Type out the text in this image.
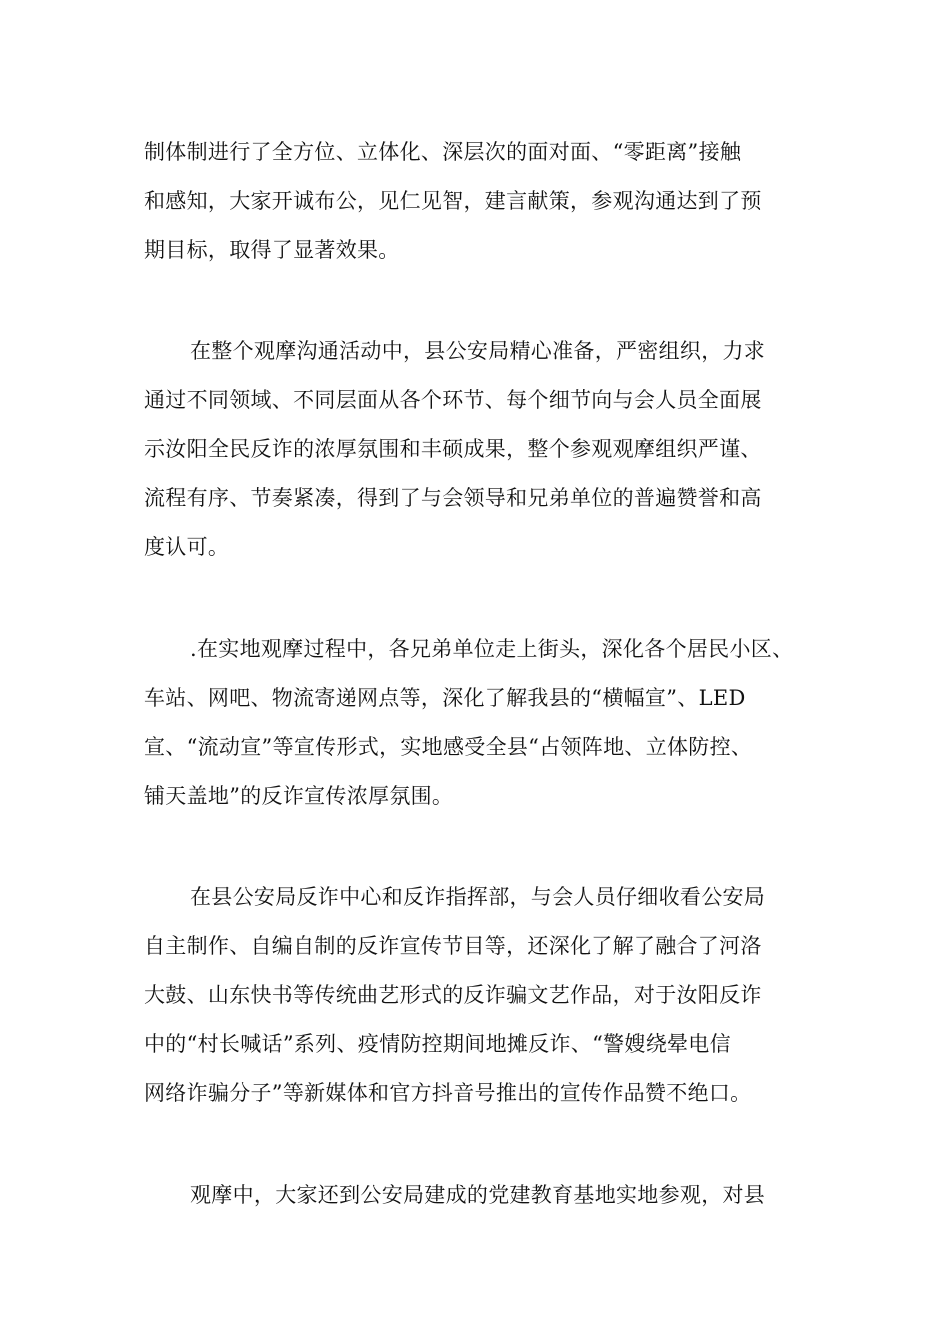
制体制进行了全方位、立体化、深层次的面对面、“零距离”接触
和感知，大家开诚布公，见仁见智，建言献策，参观沟通达到了预
期目标，取得了显著效果。
在整个观摩沟通活动中，县公安局精心准备，严密组织，力求
通过不同领域、不同层面从各个环节、每个细节向与会人员全面展
示汝阳全民反诈的浓厚氛围和丰硕成果，整个参观观摩组织严谨、
流程有序、节奏紧凑，得到了与会领导和兄弟单位的普遍赞誉和高
度认可。
.在实地观摩过程中，各兄弟单位走上街头，深化各个居民小区、
车站、网吧、物流寄递网点等，深化了解我县的“横幅宣”、LED
宣、“流动宣”等宣传形式，实地感受全县“占领阵地、立体防控、
铺天盖地”的反诈宣传浓厚氛围。
在县公安局反诈中心和反诈指挥部，与会人员仔细收看公安局
自主制作、自编自制的反诈宣传节目等，还深化了解了融合了河洛
大鼓、山东快书等传统曲艺形式的反诈骗文艺作品，对于汝阳反诈
中的“村长喊话”系列、疫情防控期间地摊反诈、“警嫂绕晕电信
网络诈骗分子”等新媒体和官方抖音号推出的宣传作品赞不绝口。
观摩中，大家还到公安局建成的党建教育基地实地参观，对县
